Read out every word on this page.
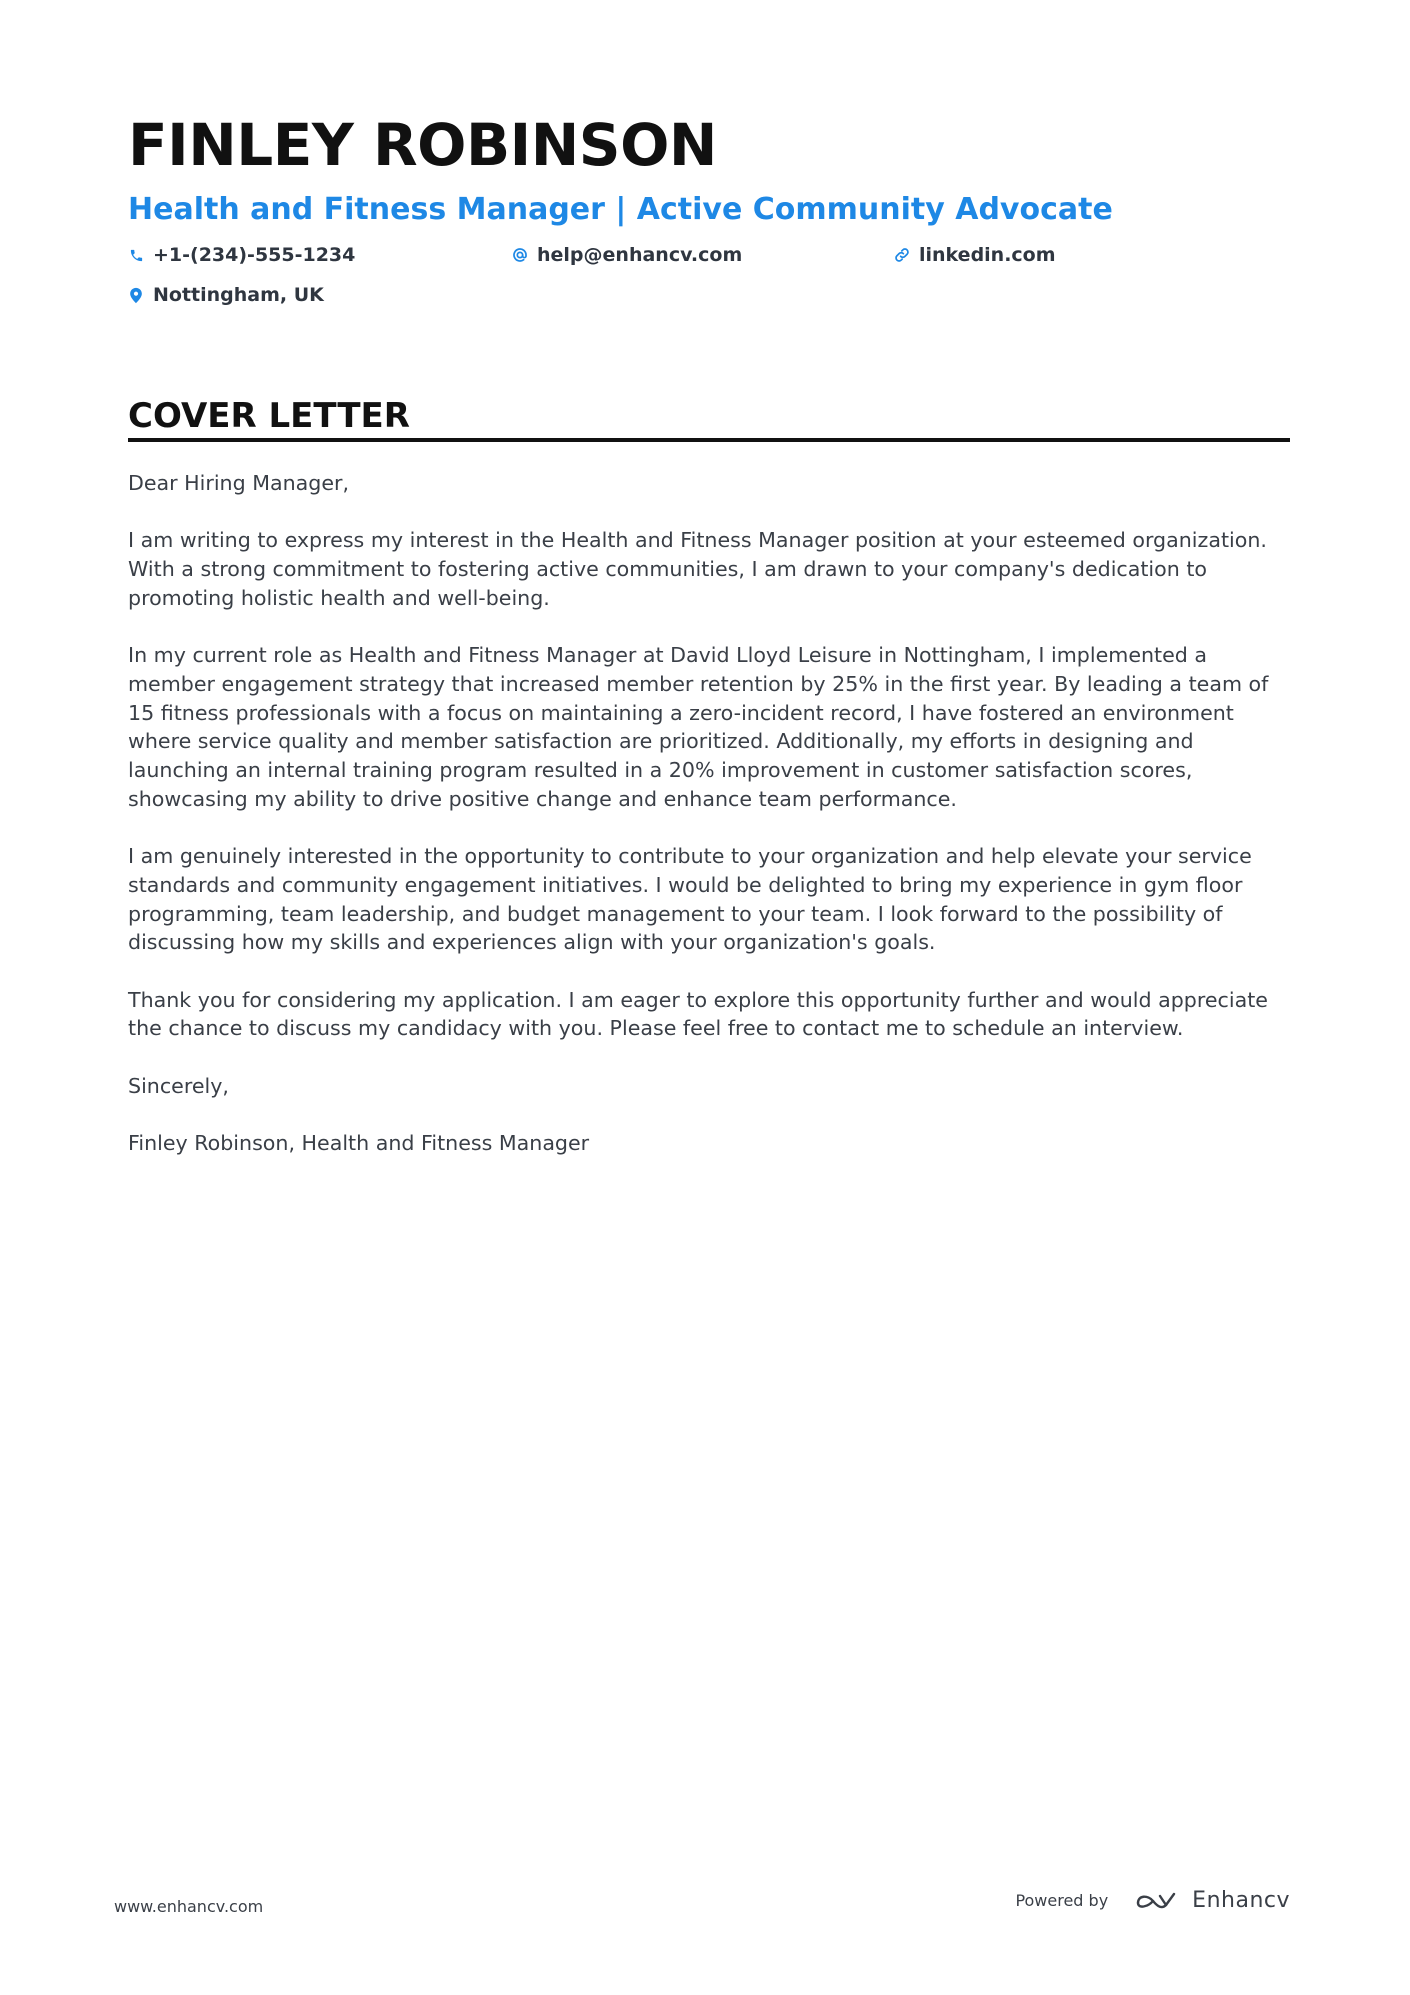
FINLEY ROBINSON
Health and Fitness Manager | Active Community Advocate
+1-(234)-555-1234	help@enhancv.com	linkedin.com
Nottingham, UK
COVER LETTER

Dear Hiring Manager,

I am writing to express my interest in the Health and Fitness Manager position at your esteemed organization. With a strong commitment to fostering active communities, I am drawn to your company's dedication to promoting holistic health and well-being.

In my current role as Health and Fitness Manager at David Lloyd Leisure in Nottingham, I implemented a member engagement strategy that increased member retention by 25% in the first year. By leading a team of 15 fitness professionals with a focus on maintaining a zero-incident record, I have fostered an environment where service quality and member satisfaction are prioritized. Additionally, my efforts in designing and launching an internal training program resulted in a 20% improvement in customer satisfaction scores, showcasing my ability to drive positive change and enhance team performance.

I am genuinely interested in the opportunity to contribute to your organization and help elevate your service standards and community engagement initiatives. I would be delighted to bring my experience in gym floor programming, team leadership, and budget management to your team. I look forward to the possibility of discussing how my skills and experiences align with your organization's goals.

Thank you for considering my application. I am eager to explore this opportunity further and would appreciate the chance to discuss my candidacy with you. Please feel free to contact me to schedule an interview.

Sincerely,

Finley Robinson, Health and Fitness Manager

www.enhancv.com	Powered by	Enhancv
